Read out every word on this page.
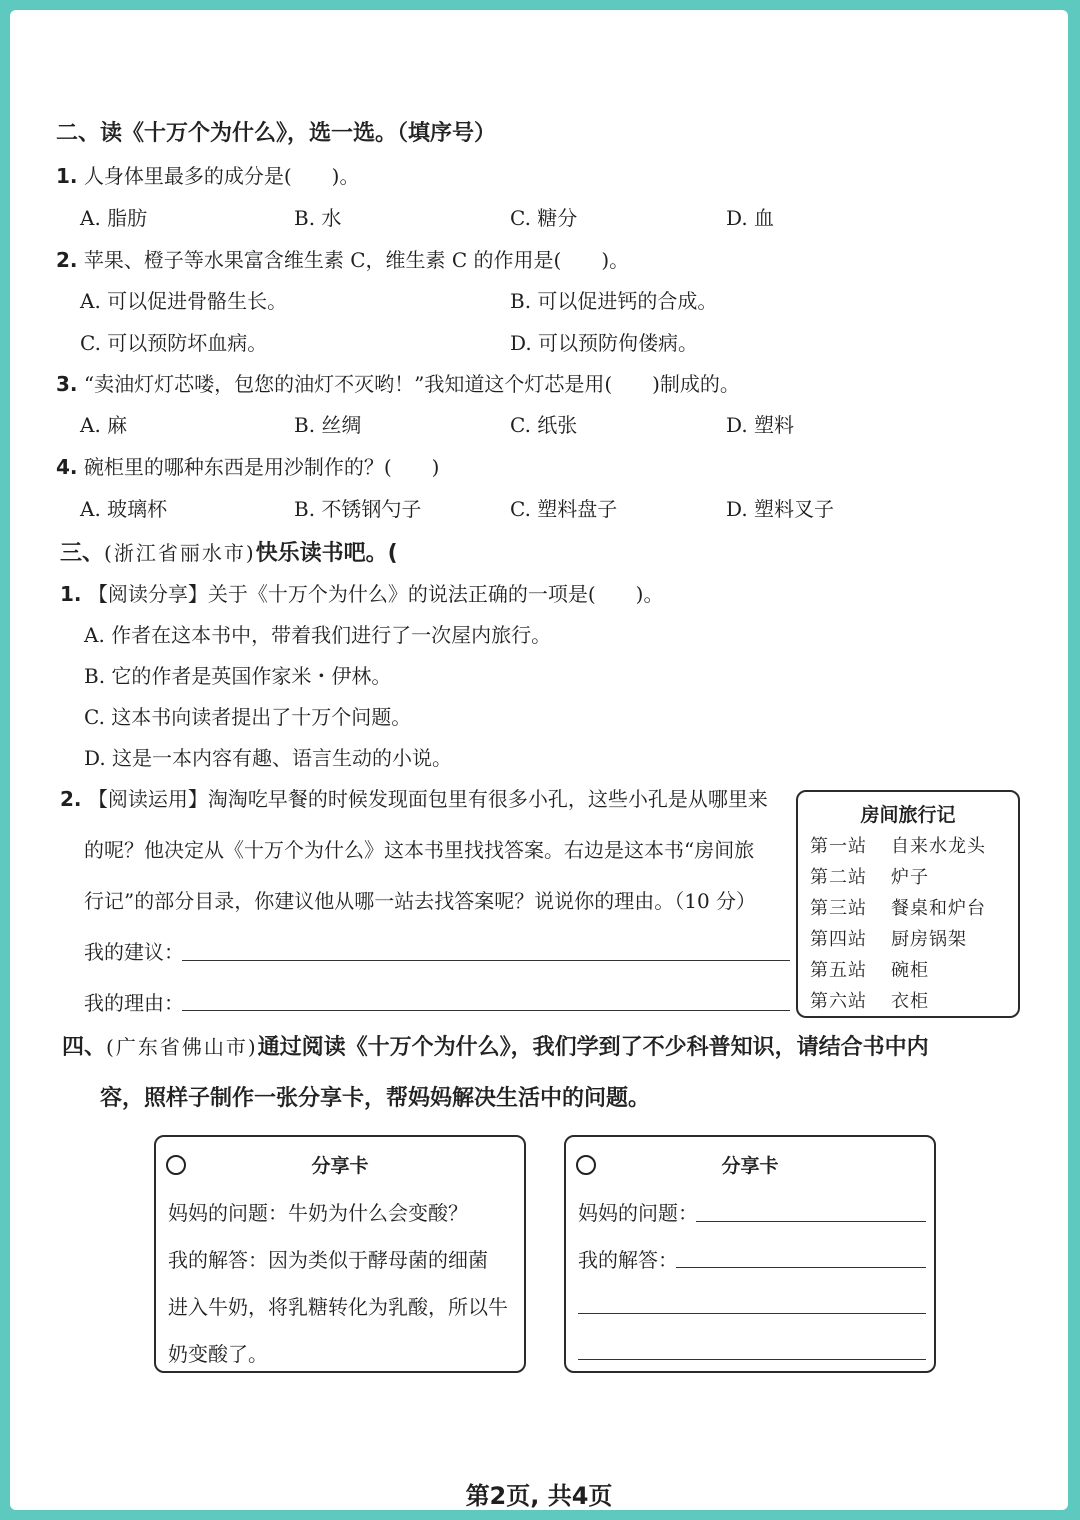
二、读《十万个为什么》，选一选。（填序号）
1. 人身体里最多的成分是(　　)。
A. 脂肪	B. 水	C. 糖分	D. 血
2. 苹果、橙子等水果富含维生素 C，维生素 C 的作用是(　　)。
A. 可以促进骨骼生长。	B. 可以促进钙的合成。
C. 可以预防坏血病。	D. 可以预防佝偻病。
3. “卖油灯灯芯喽，包您的油灯不灭哟！”我知道这个灯芯是用(　　)制成的。
A. 麻	B. 丝绸	C. 纸张	D. 塑料
4. 碗柜里的哪种东西是用沙制作的？(　　)
A. 玻璃杯	B. 不锈钢勺子	C. 塑料盘子	D. 塑料叉子
三、(浙江省丽水市)快乐读书吧。(
1. 【阅读分享】关于《十万个为什么》的说法正确的一项是(　　)。
A. 作者在这本书中，带着我们进行了一次屋内旅行。
B. 它的作者是英国作家米・伊林。
C. 这本书向读者提出了十万个问题。
D. 这是一本内容有趣、语言生动的小说。
2. 【阅读运用】淘淘吃早餐的时候发现面包里有很多小孔，这些小孔是从哪里来
的呢？他决定从《十万个为什么》这本书里找找答案。右边是这本书“房间旅
行记”的部分目录，你建议他从哪一站去找答案呢？说说你的理由。（10 分）
我的建议：
我的理由：
房间旅行记
第一站 自来水龙头
第二站 炉子
第三站 餐桌和炉台
第四站 厨房锅架
第五站 碗柜
第六站 衣柜
四、(广东省佛山市)通过阅读《十万个为什么》，我们学到了不少科普知识，请结合书中内
容，照样子制作一张分享卡，帮妈妈解决生活中的问题。
分享卡
妈妈的问题：牛奶为什么会变酸？
我的解答：因为类似于酵母菌的细菌
进入牛奶，将乳糖转化为乳酸，所以牛
奶变酸了。
分享卡
妈妈的问题：
我的解答：
第2页, 共4页
